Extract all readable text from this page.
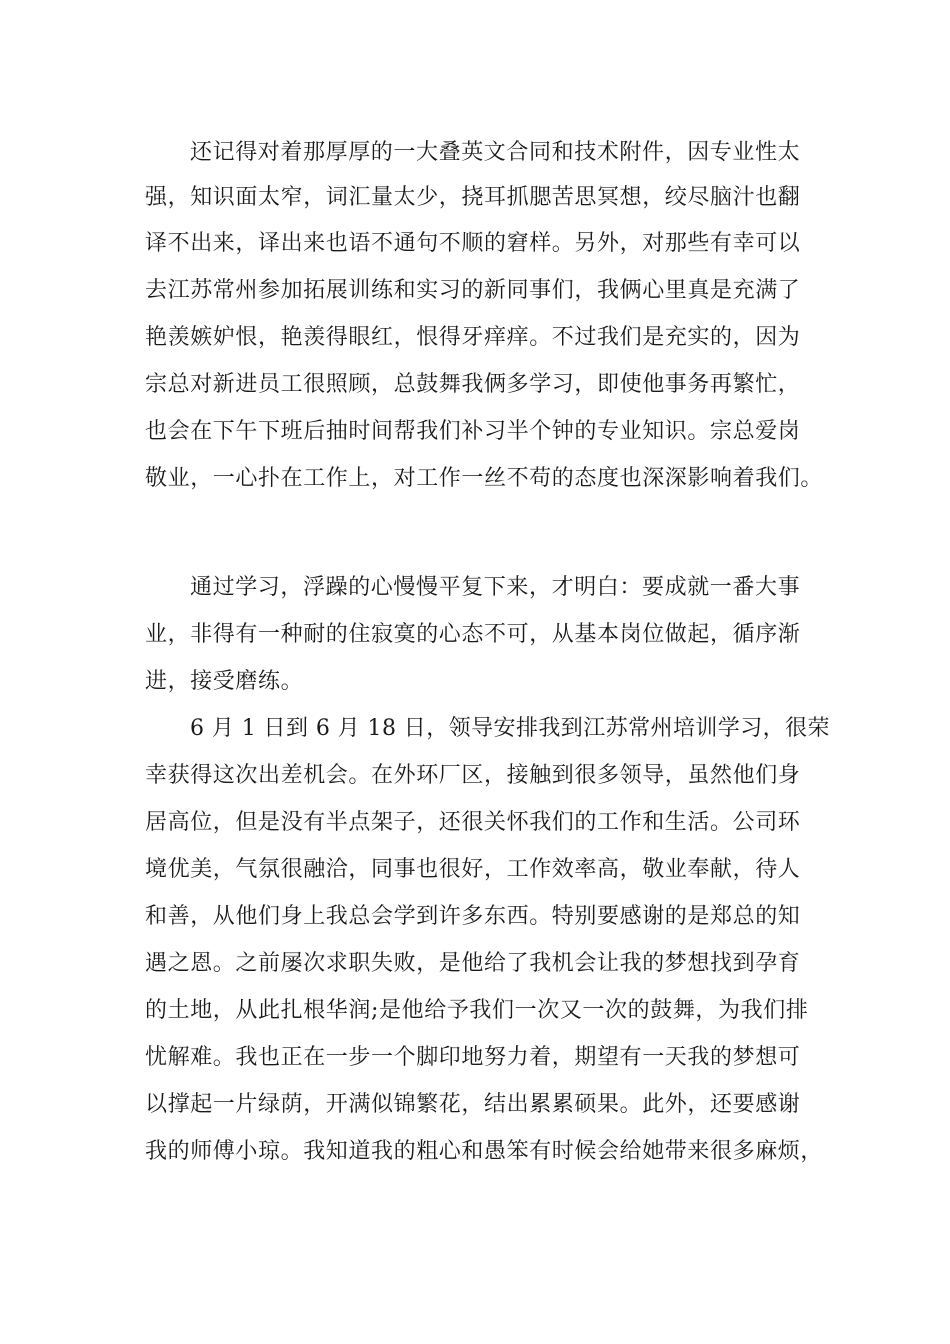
还记得对着那厚厚的一大叠英文合同和技术附件，因专业性太
强，知识面太窄，词汇量太少，挠耳抓腮苦思冥想，绞尽脑汁也翻
译不出来，译出来也语不通句不顺的窘样。另外，对那些有幸可以
去江苏常州参加拓展训练和实习的新同事们，我俩心里真是充满了
艳羡嫉妒恨，艳羡得眼红，恨得牙痒痒。不过我们是充实的，因为
宗总对新进员工很照顾，总鼓舞我俩多学习，即使他事务再繁忙，
也会在下午下班后抽时间帮我们补习半个钟的专业知识。宗总爱岗
敬业，一心扑在工作上，对工作一丝不苟的态度也深深影响着我们。
通过学习，浮躁的心慢慢平复下来，才明白：要成就一番大事
业，非得有一种耐的住寂寞的心态不可，从基本岗位做起，循序渐
进，接受磨练。
6 月 1 日到 6 月 18 日，领导安排我到江苏常州培训学习，很荣
幸获得这次出差机会。在外环厂区，接触到很多领导，虽然他们身
居高位，但是没有半点架子，还很关怀我们的工作和生活。公司环
境优美，气氛很融洽，同事也很好，工作效率高，敬业奉献，待人
和善，从他们身上我总会学到许多东西。特别要感谢的是郑总的知
遇之恩。之前屡次求职失败，是他给了我机会让我的梦想找到孕育
的土地，从此扎根华润;是他给予我们一次又一次的鼓舞，为我们排
忧解难。我也正在一步一个脚印地努力着，期望有一天我的梦想可
以撑起一片绿荫，开满似锦繁花，结出累累硕果。此外，还要感谢
我的师傅小琼。我知道我的粗心和愚笨有时候会给她带来很多麻烦，
